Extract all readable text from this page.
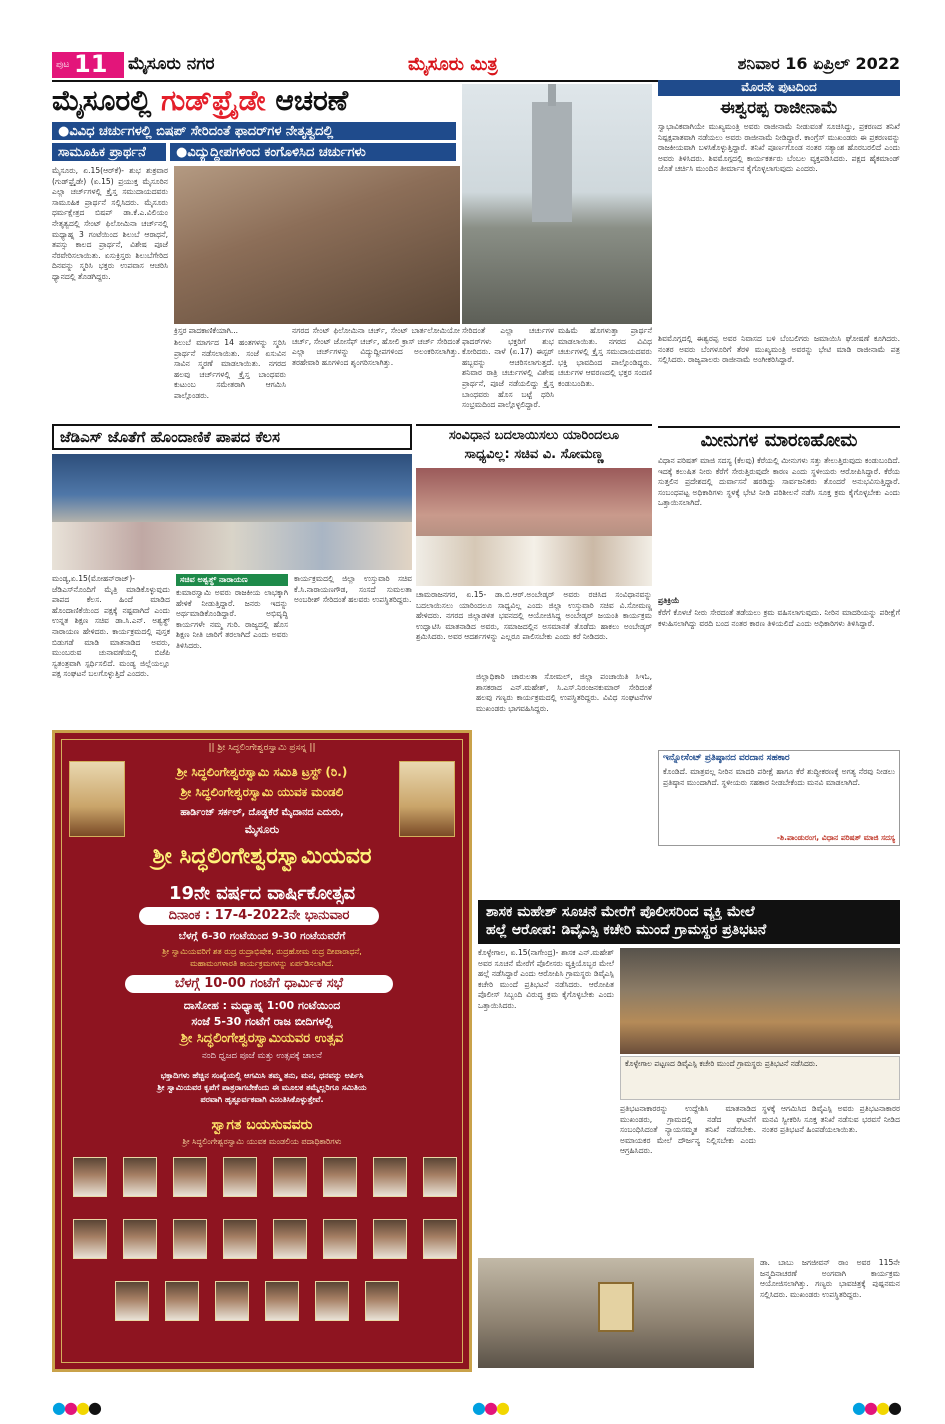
ಪುಟ 11 ಮೈಸೂರು ನಗರ	ಮೈಸೂರು ಮಿತ್ರ	ಶನಿವಾರ 16 ಏಪ್ರಿಲ್ 2022
ಮೈಸೂರಲ್ಲಿ ಗುಡ್‌ಫ್ರೈಡೇ ಆಚರಣೆ
●ವಿವಿಧ ಚರ್ಚುಗಳಲ್ಲಿ ಬಿಷಪ್ ಸೇರಿದಂತೆ ಫಾದರ್‌ಗಳ ನೇತೃತ್ವದಲ್ಲಿ
ಸಾಮೂಹಿಕ ಪ್ರಾರ್ಥನೆ	●ವಿದ್ಯುದ್ದೀಪಗಳಿಂದ ಕಂಗೊಳಿಸಿದ ಚರ್ಚುಗಳು
ಮೈಸೂರು, ಏ.15(ಆರ್‌ಕೆ)- ಶುಭ ಶುಕ್ರವಾರ (ಗುಡ್‌ಫ್ರೈಡೇ) (ಏ.15) ಪ್ರಯುಕ್ತ ಮೈಸೂರಿನ ಎಲ್ಲಾ ಚರ್ಚ್‌ಗಳಲ್ಲಿ ಕ್ರೈಸ್ತ ಸಮುದಾಯದವರು ಸಾಮೂಹಿಕ ಪ್ರಾರ್ಥನೆ ಸಲ್ಲಿಸಿದರು. ಮೈಸೂರು ಧರ್ಮಕ್ಷೇತ್ರದ ಬಿಷಪ್ ಡಾ.ಕೆ.ಎ.ವಿಲಿಯಂ ನೇತೃತ್ವದಲ್ಲಿ ಸೇಂಟ್ ಫಿಲೋಮಿನಾ ಚರ್ಚ್‌ನಲ್ಲಿ ಮಧ್ಯಾಹ್ನ 3 ಗಂಟೆಯಿಂದ ಶಿಲುಬೆ ಆರಾಧನೆ, ತಪಸ್ಸು ಕಾಲದ ಪ್ರಾರ್ಥನೆ, ವಿಶೇಷ ಪೂಜೆ ನೆರವೇರಿಸಲಾಯಿತು. ಏಸುಕ್ರಿಸ್ತರು ಶಿಲುಬೆಗೇರಿದ ದಿನವನ್ನು ಸ್ಮರಿಸಿ ಭಕ್ತರು ಉಪವಾಸ ಆಚರಿಸಿ ಧ್ಯಾನದಲ್ಲಿ ತೊಡಗಿದ್ದರು.
ಕ್ರಿಸ್ತರ ಪಾದಕಾಣಿಕೆಯಾಗಿ...
ಶಿಲುಬೆ ಮಾರ್ಗದ 14 ಹಂತಗಳನ್ನು ಸ್ಮರಿಸಿ ಪ್ರಾರ್ಥನೆ ನಡೆಸಲಾಯಿತು. ಸಂಜೆ ಏಸುವಿನ ಸಾವಿನ ಸ್ಮರಣೆ ಮಾಡಲಾಯಿತು. ನಗರದ ಹಲವು ಚರ್ಚ್‌ಗಳಲ್ಲಿ ಕ್ರೈಸ್ತ ಬಾಂಧವರು ಕುಟುಂಬ ಸಮೇತರಾಗಿ ಆಗಮಿಸಿ ಪಾಲ್ಗೊಂಡರು.
ನಗರದ ಸೇಂಟ್ ಫಿಲೋಮಿನಾ ಚರ್ಚ್, ಸೇಂಟ್ ಬಾರ್ತಲೋಮಿಯೋ ಚರ್ಚ್, ಸೇಂಟ್ ಜೋಸೆಫ್ ಚರ್ಚ್, ಹೋಲಿ ಕ್ರಾಸ್ ಚರ್ಚ್ ಸೇರಿದಂತೆ ಎಲ್ಲಾ ಚರ್ಚ್‌ಗಳನ್ನು ವಿದ್ಯುದ್ದೀಪಗಳಿಂದ ಅಲಂಕರಿಸಲಾಗಿತ್ತು. ತರಹೇವಾರಿ ಹೂಗಳಿಂದ ಶೃಂಗರಿಸಲಾಗಿತ್ತು.
ಸೇರಿದಂತೆ ಎಲ್ಲಾ ಚರ್ಚುಗಳ ಫಾದರ್‌ಗಳು ಭಕ್ತರಿಗೆ ಶುಭ ಕೋರಿದರು. ನಾಳೆ (ಏ.17) ಈಸ್ಟರ್ ಹಬ್ಬವನ್ನು ಆಚರಿಸಲಾಗುತ್ತದೆ. ಶನಿವಾರ ರಾತ್ರಿ ಚರ್ಚುಗಳಲ್ಲಿ ವಿಶೇಷ ಪ್ರಾರ್ಥನೆ, ಪೂಜೆ ನಡೆಯಲಿದ್ದು ಕ್ರೈಸ್ತ ಬಾಂಧವರು ಹೊಸ ಬಟ್ಟೆ ಧರಿಸಿ ಸಂಭ್ರಮದಿಂದ ಪಾಲ್ಗೊಳ್ಳಲಿದ್ದಾರೆ.
ಮಹಿಮೆ ಹೊಗಳುತ್ತಾ ಪ್ರಾರ್ಥನೆ ಮಾಡಲಾಯಿತು. ನಗರದ ವಿವಿಧ ಚರ್ಚುಗಳಲ್ಲಿ ಕ್ರೈಸ್ತ ಸಮುದಾಯದವರು ಭಕ್ತಿ ಭಾವದಿಂದ ಪಾಲ್ಗೊಂಡಿದ್ದರು. ಚರ್ಚುಗಳ ಆವರಣದಲ್ಲಿ ಭಕ್ತರ ಸಂದಣಿ ಕಂಡುಬಂದಿತು.
ಮೊರನೇ ಪುಟದಿಂದ
ಈಶ್ವರಪ್ಪ ರಾಜೀನಾಮೆ
ಸ್ವಾಭಾವಿಕವಾಗಿಯೇ ಮುಖ್ಯಮಂತ್ರಿ ಅವರು ರಾಜೀನಾಮೆ ನೀಡುವಂತೆ ಸೂಚಿಸಿದ್ದು, ಪ್ರಕರಣದ ತನಿಖೆ ನಿಷ್ಪಕ್ಷಪಾತವಾಗಿ ನಡೆಯಲು ಅವರು ರಾಜೀನಾಮೆ ನೀಡಿದ್ದಾರೆ. ಕಾಂಗ್ರೆಸ್ ಮುಖಂಡರು ಈ ಪ್ರಕರಣವನ್ನು ರಾಜಕೀಯವಾಗಿ ಬಳಸಿಕೊಳ್ಳುತ್ತಿದ್ದಾರೆ. ತನಿಖೆ ಪೂರ್ಣಗೊಂಡ ನಂತರ ಸತ್ಯಾಂಶ ಹೊರಬರಲಿದೆ ಎಂದು ಅವರು ತಿಳಿಸಿದರು. ಶಿವಮೊಗ್ಗದಲ್ಲಿ ಕಾರ್ಯಕರ್ತರು ಬೆಂಬಲ ವ್ಯಕ್ತಪಡಿಸಿದರು. ಪಕ್ಷದ ಹೈಕಮಾಂಡ್ ಜೊತೆ ಚರ್ಚಿಸಿ ಮುಂದಿನ ತೀರ್ಮಾನ ಕೈಗೊಳ್ಳಲಾಗುವುದು ಎಂದರು.
ಶಿವಮೊಗ್ಗದಲ್ಲಿ ಈಶ್ವರಪ್ಪ ಅವರ ನಿವಾಸದ ಬಳಿ ಬೆಂಬಲಿಗರು ಜಮಾಯಿಸಿ ಘೋಷಣೆ ಕೂಗಿದರು. ನಂತರ ಅವರು ಬೆಂಗಳೂರಿಗೆ ತೆರಳಿ ಮುಖ್ಯಮಂತ್ರಿ ಅವರನ್ನು ಭೇಟಿ ಮಾಡಿ ರಾಜೀನಾಮೆ ಪತ್ರ ಸಲ್ಲಿಸಿದರು. ರಾಜ್ಯಪಾಲರು ರಾಜೀನಾಮೆ ಅಂಗೀಕರಿಸಿದ್ದಾರೆ.
ಮೀನುಗಳ ಮಾರಣಹೋಮ
ವಿಧಾನ ಪರಿಷತ್ ಮಾಜಿ ಸದಸ್ಯ (ಕೆಲವು) ಕೆರೆಯಲ್ಲಿ ಮೀನುಗಳು ಸತ್ತು ತೇಲುತ್ತಿರುವುದು ಕಂಡುಬಂದಿದೆ. ಇದಕ್ಕೆ ಕಲುಷಿತ ನೀರು ಕೆರೆಗೆ ಸೇರುತ್ತಿರುವುದೇ ಕಾರಣ ಎಂದು ಸ್ಥಳೀಯರು ಆರೋಪಿಸಿದ್ದಾರೆ. ಕೆರೆಯ ಸುತ್ತಲಿನ ಪ್ರದೇಶದಲ್ಲಿ ದುರ್ವಾಸನೆ ಹರಡಿದ್ದು ಸಾರ್ವಜನಿಕರು ತೊಂದರೆ ಅನುಭವಿಸುತ್ತಿದ್ದಾರೆ. ಸಂಬಂಧಪಟ್ಟ ಅಧಿಕಾರಿಗಳು ಸ್ಥಳಕ್ಕೆ ಭೇಟಿ ನೀಡಿ ಪರಿಶೀಲನೆ ನಡೆಸಿ ಸೂಕ್ತ ಕ್ರಮ ಕೈಗೊಳ್ಳಬೇಕು ಎಂದು ಒತ್ತಾಯಿಸಲಾಗಿದೆ.
ಪ್ರತಿಕ್ರಿಯೆ
ಕೆರೆಗೆ ಕೊಳಚೆ ನೀರು ಸೇರದಂತೆ ತಡೆಯಲು ಕ್ರಮ ವಹಿಸಲಾಗುವುದು. ನೀರಿನ ಮಾದರಿಯನ್ನು ಪರೀಕ್ಷೆಗೆ ಕಳುಹಿಸಲಾಗಿದ್ದು ವರದಿ ಬಂದ ನಂತರ ಕಾರಣ ತಿಳಿಯಲಿದೆ ಎಂದು ಅಧಿಕಾರಿಗಳು ತಿಳಿಸಿದ್ದಾರೆ.
ಇನ್ನೋಸೆಂಟ್ ಪ್ರತಿಷ್ಠಾನದ ವರದಾನ ಸಹಕಾರ
ಕೊಂಡಿದೆ. ಮಾತ್ರವಲ್ಲ ನೀರಿನ ಮಾದರಿ ಪರೀಕ್ಷೆ ಹಾಗೂ ಕೆರೆ ಶುದ್ಧೀಕರಣಕ್ಕೆ ಅಗತ್ಯ ನೆರವು ನೀಡಲು ಪ್ರತಿಷ್ಠಾನ ಮುಂದಾಗಿದೆ. ಸ್ಥಳೀಯರು ಸಹಕಾರ ನೀಡಬೇಕೆಂದು ಮನವಿ ಮಾಡಲಾಗಿದೆ.
-ಶಿ.ಪಾಂಡುರಂಗ, ವಿಧಾನ ಪರಿಷತ್ ಮಾಜಿ ಸದಸ್ಯ
ಜೆಡಿಎಸ್ ಜೊತೆಗೆ ಹೊಂದಾಣಿಕೆ ಪಾಪದ ಕೆಲಸ
ಮಂಡ್ಯ,ಏ.15(ಮೋಹನ್‌ರಾಜ್)- ಜೆಡಿಎಸ್‌ನೊಂದಿಗೆ ಮೈತ್ರಿ ಮಾಡಿಕೊಳ್ಳುವುದು ಪಾಪದ ಕೆಲಸ. ಹಿಂದೆ ಮಾಡಿದ ಹೊಂದಾಣಿಕೆಯಿಂದ ಪಕ್ಷಕ್ಕೆ ನಷ್ಟವಾಗಿದೆ ಎಂದು ಉನ್ನತ ಶಿಕ್ಷಣ ಸಚಿವ ಡಾ.ಸಿ.ಎನ್. ಅಶ್ವತ್ಥ್ ನಾರಾಯಣ ಹೇಳಿದರು. ಕಾರ್ಯಕ್ರಮದಲ್ಲಿ ಪುಸ್ತಕ ಬಿಡುಗಡೆ ಮಾಡಿ ಮಾತನಾಡಿದ ಅವರು, ಮುಂಬರುವ ಚುನಾವಣೆಯಲ್ಲಿ ಬಿಜೆಪಿ ಸ್ವತಂತ್ರವಾಗಿ ಸ್ಪರ್ಧಿಸಲಿದೆ. ಮಂಡ್ಯ ಜಿಲ್ಲೆಯಲ್ಲೂ ಪಕ್ಷ ಸಂಘಟನೆ ಬಲಗೊಳ್ಳುತ್ತಿದೆ ಎಂದರು.
ಸಚಿವ ಅಶ್ವತ್ಥ್ ನಾರಾಯಣ
ಕುಮಾರಸ್ವಾಮಿ ಅವರು ರಾಜಕೀಯ ಲಾಭಕ್ಕಾಗಿ ಹೇಳಿಕೆ ನೀಡುತ್ತಿದ್ದಾರೆ. ಜನರು ಇದನ್ನು ಅರ್ಥಮಾಡಿಕೊಂಡಿದ್ದಾರೆ. ಅಭಿವೃದ್ಧಿ ಕಾರ್ಯಗಳೇ ನಮ್ಮ ಗುರಿ. ರಾಜ್ಯದಲ್ಲಿ ಹೊಸ ಶಿಕ್ಷಣ ನೀತಿ ಜಾರಿಗೆ ತರಲಾಗಿದೆ ಎಂದು ಅವರು ತಿಳಿಸಿದರು.
ಕಾರ್ಯಕ್ರಮದಲ್ಲಿ ಜಿಲ್ಲಾ ಉಸ್ತುವಾರಿ ಸಚಿವ ಕೆ.ಸಿ.ನಾರಾಯಣಗೌಡ, ಸಂಸದೆ ಸುಮಲತಾ ಅಂಬರೀಶ್ ಸೇರಿದಂತೆ ಹಲವರು ಉಪಸ್ಥಿತರಿದ್ದರು.
ಸಂವಿಧಾನ ಬದಲಾಯಿಸಲು ಯಾರಿಂದಲೂ
ಸಾಧ್ಯವಿಲ್ಲ: ಸಚಿವ ವಿ. ಸೋಮಣ್ಣ
ಚಾಮರಾಜನಗರ, ಏ.15- ಡಾ.ಬಿ.ಆರ್.ಅಂಬೇಡ್ಕರ್ ಅವರು ರಚಿಸಿದ ಸಂವಿಧಾನವನ್ನು ಬದಲಾಯಿಸಲು ಯಾರಿಂದಲೂ ಸಾಧ್ಯವಿಲ್ಲ ಎಂದು ಜಿಲ್ಲಾ ಉಸ್ತುವಾರಿ ಸಚಿವ ವಿ.ಸೋಮಣ್ಣ ಹೇಳಿದರು. ನಗರದ ಜಿಲ್ಲಾಡಳಿತ ಭವನದಲ್ಲಿ ಆಯೋಜಿಸಿದ್ದ ಅಂಬೇಡ್ಕರ್ ಜಯಂತಿ ಕಾರ್ಯಕ್ರಮ ಉದ್ಘಾಟಿಸಿ ಮಾತನಾಡಿದ ಅವರು, ಸಮಾಜದಲ್ಲಿನ ಅಸಮಾನತೆ ತೊಡೆದು ಹಾಕಲು ಅಂಬೇಡ್ಕರ್ ಶ್ರಮಿಸಿದರು. ಅವರ ಆದರ್ಶಗಳನ್ನು ಎಲ್ಲರೂ ಪಾಲಿಸಬೇಕು ಎಂದು ಕರೆ ನೀಡಿದರು.
ಜಿಲ್ಲಾಧಿಕಾರಿ ಚಾರುಲತಾ ಸೋಮಲ್, ಜಿಲ್ಲಾ ಪಂಚಾಯಿತಿ ಸಿಇಓ, ಶಾಸಕರಾದ ಎನ್.ಮಹೇಶ್, ಸಿ.ಎಸ್.ನಿರಂಜನಕುಮಾರ್ ಸೇರಿದಂತೆ ಹಲವು ಗಣ್ಯರು ಕಾರ್ಯಕ್ರಮದಲ್ಲಿ ಉಪಸ್ಥಿತರಿದ್ದರು. ವಿವಿಧ ಸಂಘಟನೆಗಳ ಮುಖಂಡರು ಭಾಗವಹಿಸಿದ್ದರು.
|| ಶ್ರೀ ಸಿದ್ಧಲಿಂಗೇಶ್ವರಸ್ವಾಮಿ ಪ್ರಸನ್ನ ||
ಶ್ರೀ ಸಿದ್ಧಲಿಂಗೇಶ್ವರಸ್ವಾಮಿ ಸಮಿತಿ ಟ್ರಸ್ಟ್ (ರಿ.)
ಶ್ರೀ ಸಿದ್ಧಲಿಂಗೇಶ್ವರಸ್ವಾಮಿ ಯುವಕ ಮಂಡಲಿ
ಹಾರ್ಡಿಂಜ್ ಸರ್ಕಲ್, ದೊಡ್ಡಕೆರೆ ಮೈದಾನದ ಎದುರು,
ಮೈಸೂರು
ಶ್ರೀ ಸಿದ್ಧಲಿಂಗೇಶ್ವರಸ್ವಾಮಿಯವರ
19ನೇ ವರ್ಷದ ವಾರ್ಷಿಕೋತ್ಸವ
ದಿನಾಂಕ : 17-4-2022ನೇ ಭಾನುವಾರ
ಬೆಳಗ್ಗೆ 6-30 ಗಂಟೆಯಿಂದ 9-30 ಗಂಟೆಯವರೆಗೆ
ಶ್ರೀ ಸ್ವಾಮಿಯವರಿಗೆ ಶತ ರುದ್ರ ರುದ್ರಾಭಿಷೇಕ, ರುದ್ರಹೋಮ ರುದ್ರ ದೀಪಾರಾಧನೆ,
ಮಹಾಮಂಗಳಾರತಿ ಕಾರ್ಯಕ್ರಮಗಳನ್ನು ಏರ್ಪಡಿಸಲಾಗಿದೆ.
ಬೆಳಗ್ಗೆ 10-00 ಗಂಟೆಗೆ ಧಾರ್ಮಿಕ ಸಭೆ
ದಾಸೋಹ : ಮಧ್ಯಾಹ್ನ 1:00 ಗಂಟೆಯಿಂದ
ಸಂಜೆ 5-30 ಗಂಟೆಗೆ ರಾಜ ಬೀದಿಗಳಲ್ಲಿ
ಶ್ರೀ ಸಿದ್ಧಲಿಂಗೇಶ್ವರಸ್ವಾಮಿಯವರ ಉತ್ಸವ
ನಂದಿ ಧ್ವಜದ ಪೂಜೆ ಮತ್ತು ಉತ್ಸವಕ್ಕೆ ಚಾಲನೆ
ಭಕ್ತಾದಿಗಳು ಹೆಚ್ಚಿನ ಸಂಖ್ಯೆಯಲ್ಲಿ ಆಗಮಿಸಿ ತಮ್ಮ ತನು, ಮನ, ಧನವನ್ನು ಅರ್ಪಿಸಿ
ಶ್ರೀ ಸ್ವಾಮಿಯವರ ಕೃಪೆಗೆ ಪಾತ್ರರಾಗಬೇಕೆಂದು ಈ ಮೂಲಕ ತಮ್ಮೆಲ್ಲರಿಗೂ ಸಮಿತಿಯ
ಪರವಾಗಿ ಹೃತ್ಪೂರ್ವಕವಾಗಿ ವಿನಂತಿಸಿಕೊಳ್ಳುತ್ತೇವೆ.
ಸ್ವಾಗತ ಬಯಸುವವರು
ಶ್ರೀ ಸಿದ್ಧಲಿಂಗೇಶ್ವರಸ್ವಾಮಿ ಯುವಕ ಮಂಡಲಿಯ ಪದಾಧಿಕಾರಿಗಳು
ಶಾಸಕ ಮಹೇಶ್ ಸೂಚನೆ ಮೇರೆಗೆ ಪೊಲೀಸರಿಂದ ವ್ಯಕ್ತಿ ಮೇಲೆ
ಹಲ್ಲೆ ಆರೋಪ: ಡಿವೈಎಸ್ಪಿ ಕಚೇರಿ ಮುಂದೆ ಗ್ರಾಮಸ್ಥರ ಪ್ರತಿಭಟನೆ
ಕೊಳ್ಳೇಗಾಲ, ಏ.15(ನಾಗೇಂದ್ರ)- ಶಾಸಕ ಎನ್.ಮಹೇಶ್ ಅವರ ಸೂಚನೆ ಮೇರೆಗೆ ಪೊಲೀಸರು ವ್ಯಕ್ತಿಯೊಬ್ಬರ ಮೇಲೆ ಹಲ್ಲೆ ನಡೆಸಿದ್ದಾರೆ ಎಂದು ಆರೋಪಿಸಿ ಗ್ರಾಮಸ್ಥರು ಡಿವೈಎಸ್ಪಿ ಕಚೇರಿ ಮುಂದೆ ಪ್ರತಿಭಟನೆ ನಡೆಸಿದರು. ಆರೋಪಿತ ಪೊಲೀಸ್ ಸಿಬ್ಬಂದಿ ವಿರುದ್ಧ ಕ್ರಮ ಕೈಗೊಳ್ಳಬೇಕು ಎಂದು ಒತ್ತಾಯಿಸಿದರು.
ಕೊಳ್ಳೇಗಾಲ ಪಟ್ಟಣದ ಡಿವೈಎಸ್ಪಿ ಕಚೇರಿ ಮುಂದೆ ಗ್ರಾಮಸ್ಥರು ಪ್ರತಿಭಟನೆ ನಡೆಸಿದರು.
ಪ್ರತಿಭಟನಾಕಾರರನ್ನು ಉದ್ದೇಶಿಸಿ ಮಾತನಾಡಿದ ಮುಖಂಡರು, ಗ್ರಾಮದಲ್ಲಿ ನಡೆದ ಘಟನೆಗೆ ಸಂಬಂಧಿಸಿದಂತೆ ನ್ಯಾಯಸಮ್ಮತ ತನಿಖೆ ನಡೆಸಬೇಕು. ಅಮಾಯಕರ ಮೇಲೆ ದೌರ್ಜನ್ಯ ನಿಲ್ಲಿಸಬೇಕು ಎಂದು ಆಗ್ರಹಿಸಿದರು.
ಸ್ಥಳಕ್ಕೆ ಆಗಮಿಸಿದ ಡಿವೈಎಸ್ಪಿ ಅವರು ಪ್ರತಿಭಟನಾಕಾರರ ಮನವಿ ಸ್ವೀಕರಿಸಿ ಸೂಕ್ತ ತನಿಖೆ ನಡೆಸುವ ಭರವಸೆ ನೀಡಿದ ನಂತರ ಪ್ರತಿಭಟನೆ ಹಿಂಪಡೆಯಲಾಯಿತು.
ಡಾ. ಬಾಬು ಜಗಜೀವನ್ ರಾಂ ಅವರ 115ನೇ ಜನ್ಮದಿನಾಚರಣೆ ಅಂಗವಾಗಿ ಕಾರ್ಯಕ್ರಮ ಆಯೋಜಿಸಲಾಗಿತ್ತು. ಗಣ್ಯರು ಭಾವಚಿತ್ರಕ್ಕೆ ಪುಷ್ಪನಮನ ಸಲ್ಲಿಸಿದರು. ಮುಖಂಡರು ಉಪಸ್ಥಿತರಿದ್ದರು.
●
●
●
●	●
●
●	●
●
●
●
